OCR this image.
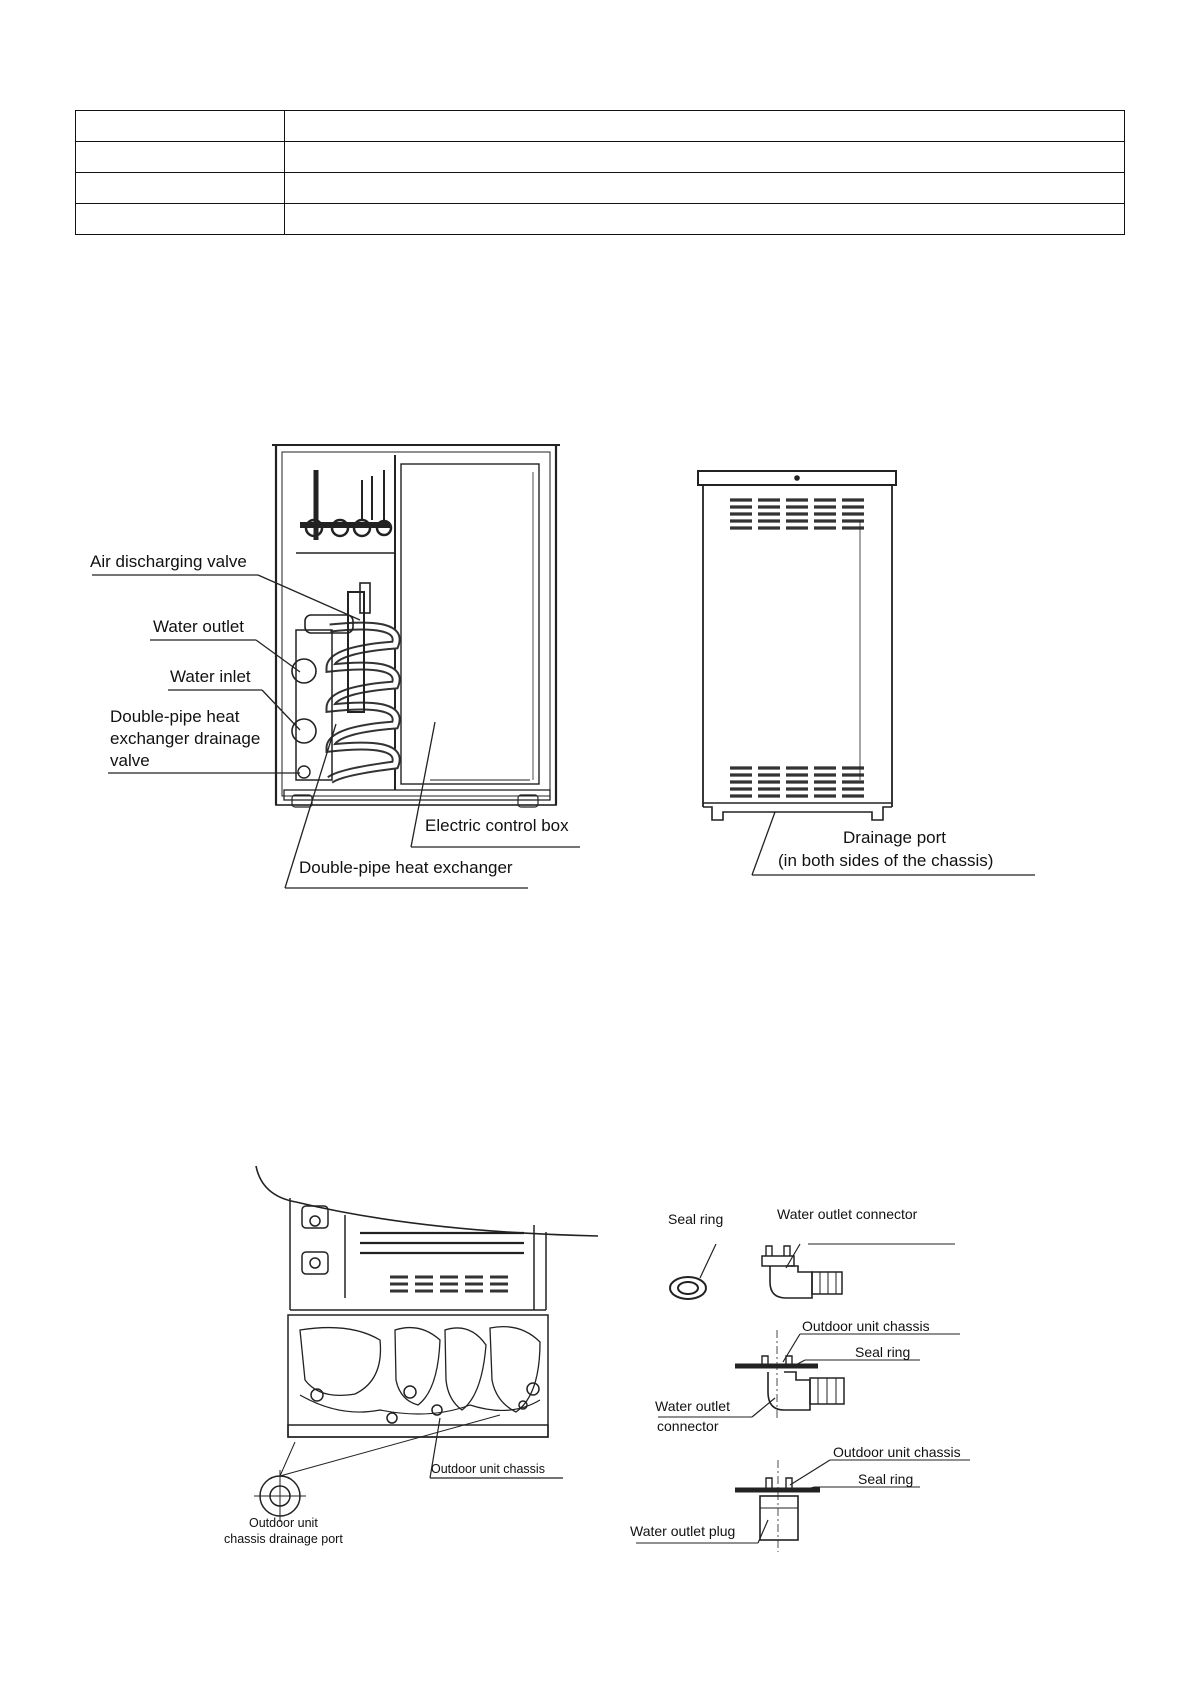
Air discharging valve
Water outlet
Water inlet
Double-pipe heat
exchanger drainage
valve
Electric control box
Double-pipe heat exchanger
Drainage port
(in both sides of the chassis)
Seal ring	Water outlet connector
Outdoor unit chassis
Seal ring
Water outlet
connector
Outdoor unit chassis
Seal ring
Water outlet plug
Outdoor unit chassis
Outdoor unit
chassis drainage port
